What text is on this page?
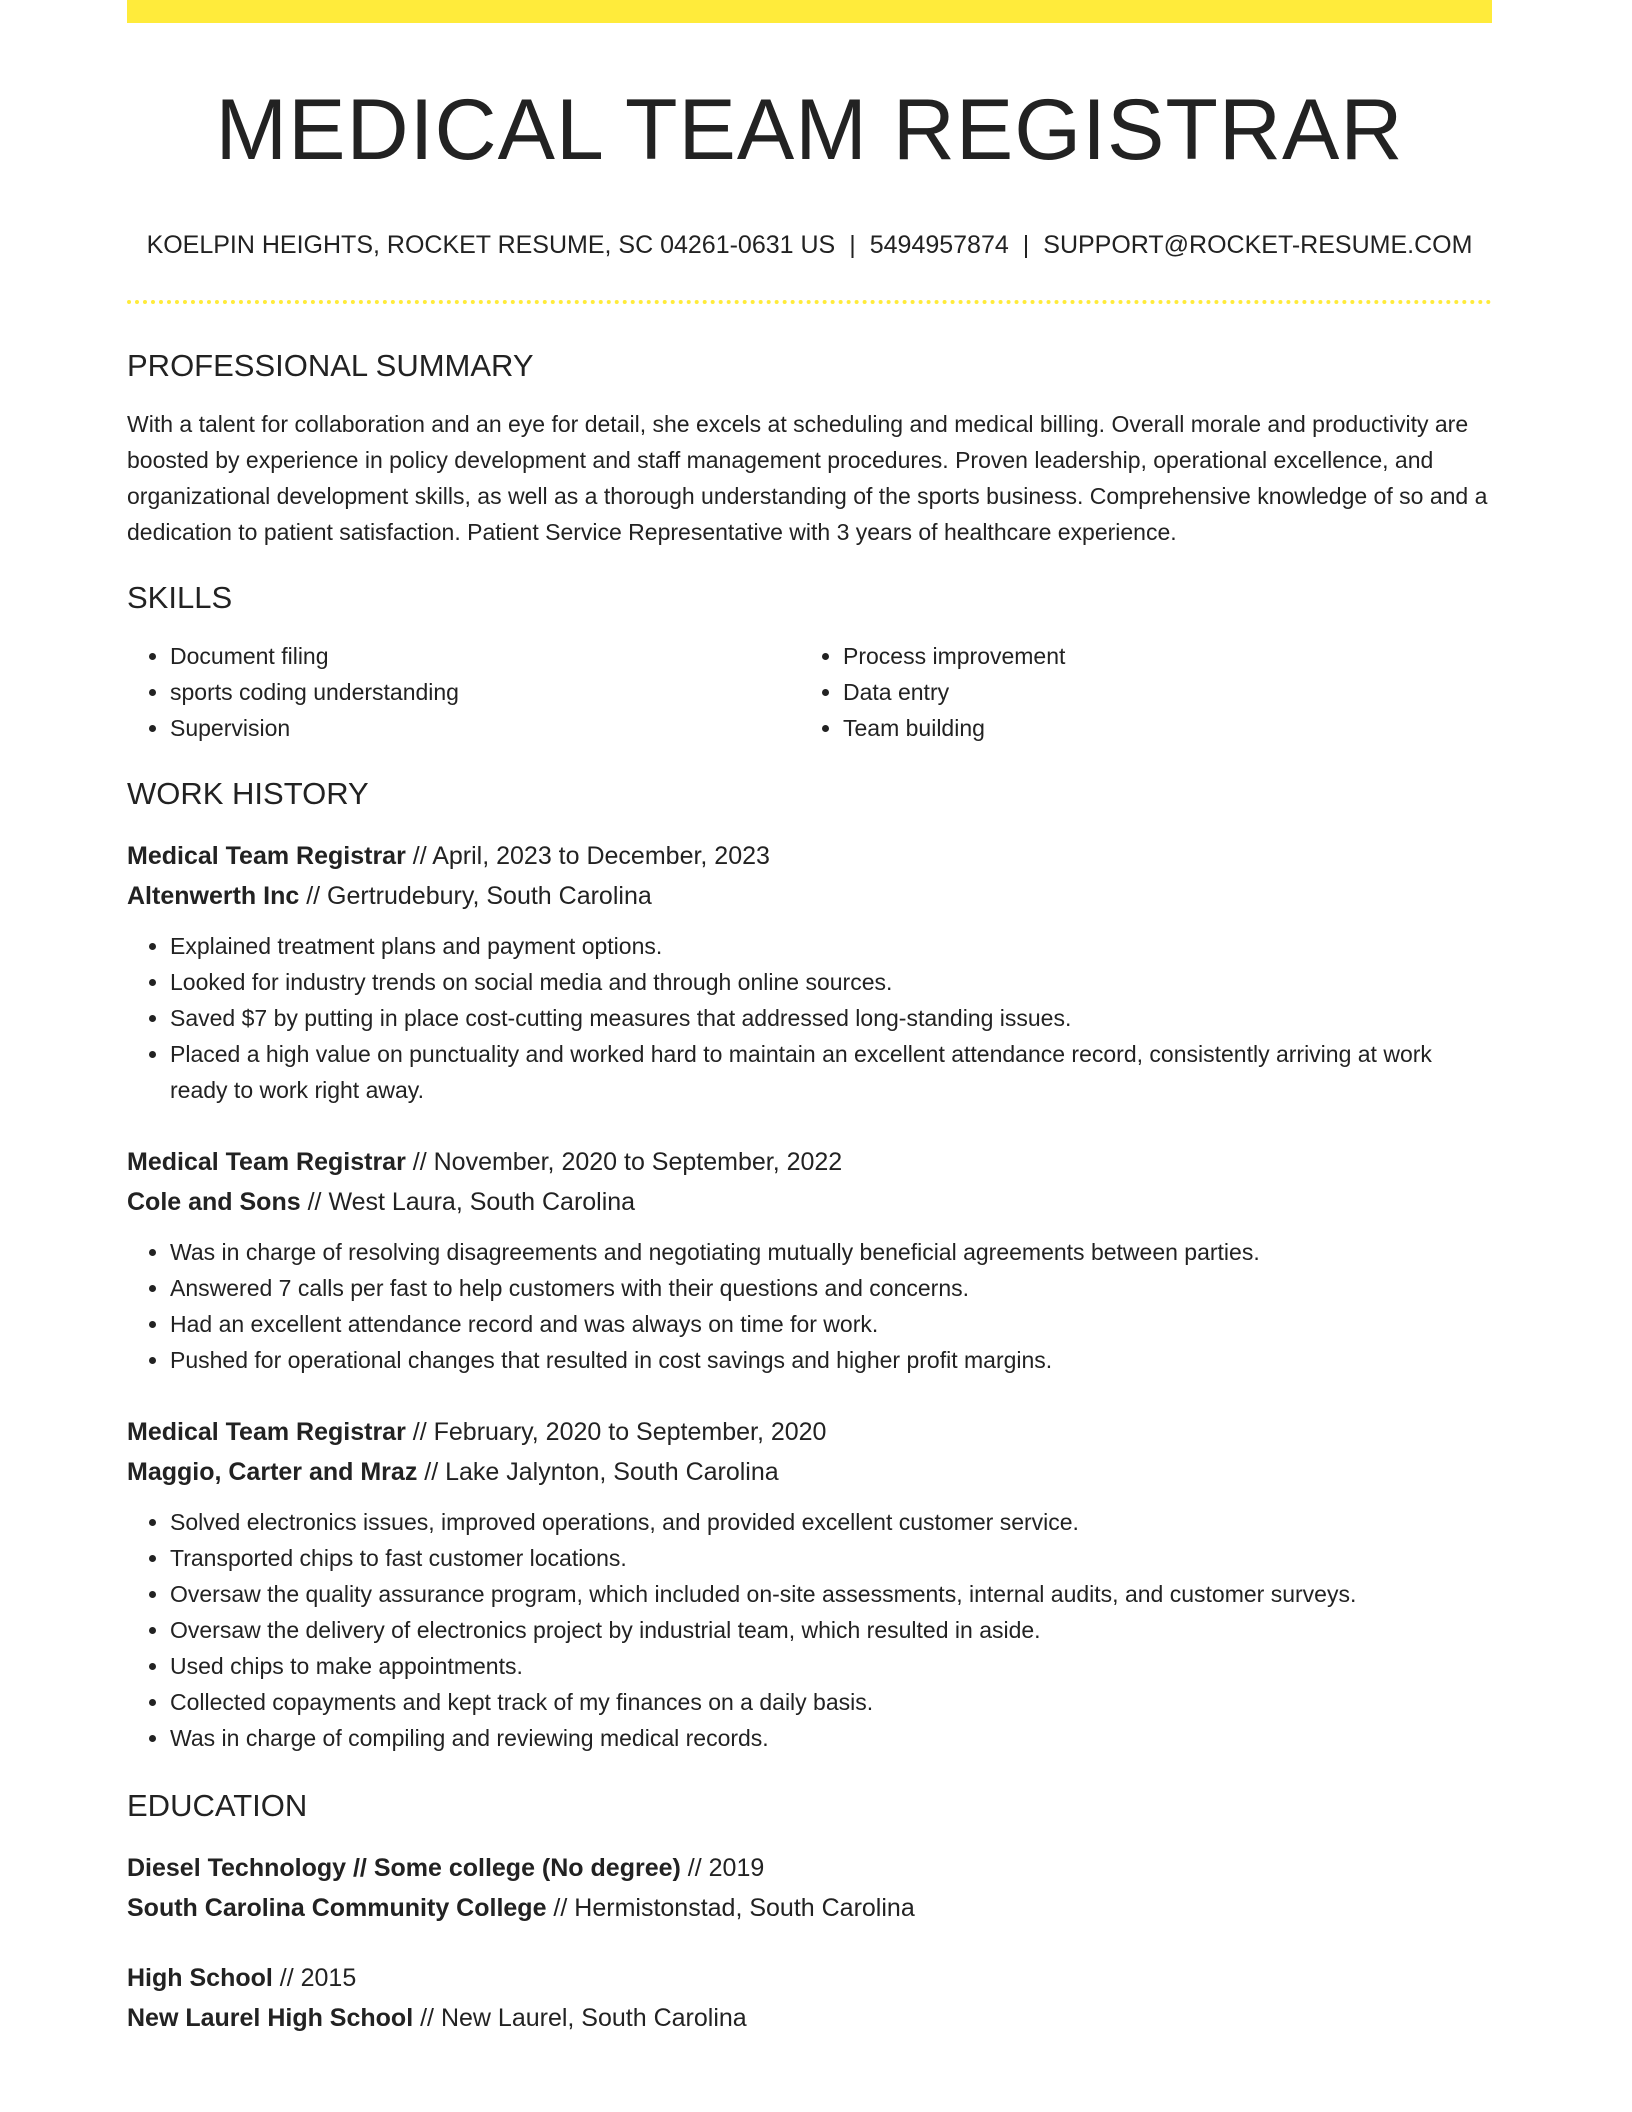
MEDICAL TEAM REGISTRAR
KOELPIN HEIGHTS, ROCKET RESUME, SC 04261-0631 US | 5494957874 | SUPPORT@ROCKET-RESUME.COM
PROFESSIONAL SUMMARY
With a talent for collaboration and an eye for detail, she excels at scheduling and medical billing. Overall morale and productivity are boosted by experience in policy development and staff management procedures. Proven leadership, operational excellence, and organizational development skills, as well as a thorough understanding of the sports business. Comprehensive knowledge of so and a dedication to patient satisfaction. Patient Service Representative with 3 years of healthcare experience.
SKILLS
• Document filing
• sports coding understanding
• Supervision
• Process improvement
• Data entry
• Team building
WORK HISTORY
Medical Team Registrar // April, 2023 to December, 2023
Altenwerth Inc // Gertrudebury, South Carolina
• Explained treatment plans and payment options.
• Looked for industry trends on social media and through online sources.
• Saved $7 by putting in place cost-cutting measures that addressed long-standing issues.
• Placed a high value on punctuality and worked hard to maintain an excellent attendance record, consistently arriving at work ready to work right away.
Medical Team Registrar // November, 2020 to September, 2022
Cole and Sons // West Laura, South Carolina
• Was in charge of resolving disagreements and negotiating mutually beneficial agreements between parties.
• Answered 7 calls per fast to help customers with their questions and concerns.
• Had an excellent attendance record and was always on time for work.
• Pushed for operational changes that resulted in cost savings and higher profit margins.
Medical Team Registrar // February, 2020 to September, 2020
Maggio, Carter and Mraz // Lake Jalynton, South Carolina
• Solved electronics issues, improved operations, and provided excellent customer service.
• Transported chips to fast customer locations.
• Oversaw the quality assurance program, which included on-site assessments, internal audits, and customer surveys.
• Oversaw the delivery of electronics project by industrial team, which resulted in aside.
• Used chips to make appointments.
• Collected copayments and kept track of my finances on a daily basis.
• Was in charge of compiling and reviewing medical records.
EDUCATION
Diesel Technology // Some college (No degree) // 2019
South Carolina Community College // Hermistonstad, South Carolina
High School // 2015
New Laurel High School // New Laurel, South Carolina
